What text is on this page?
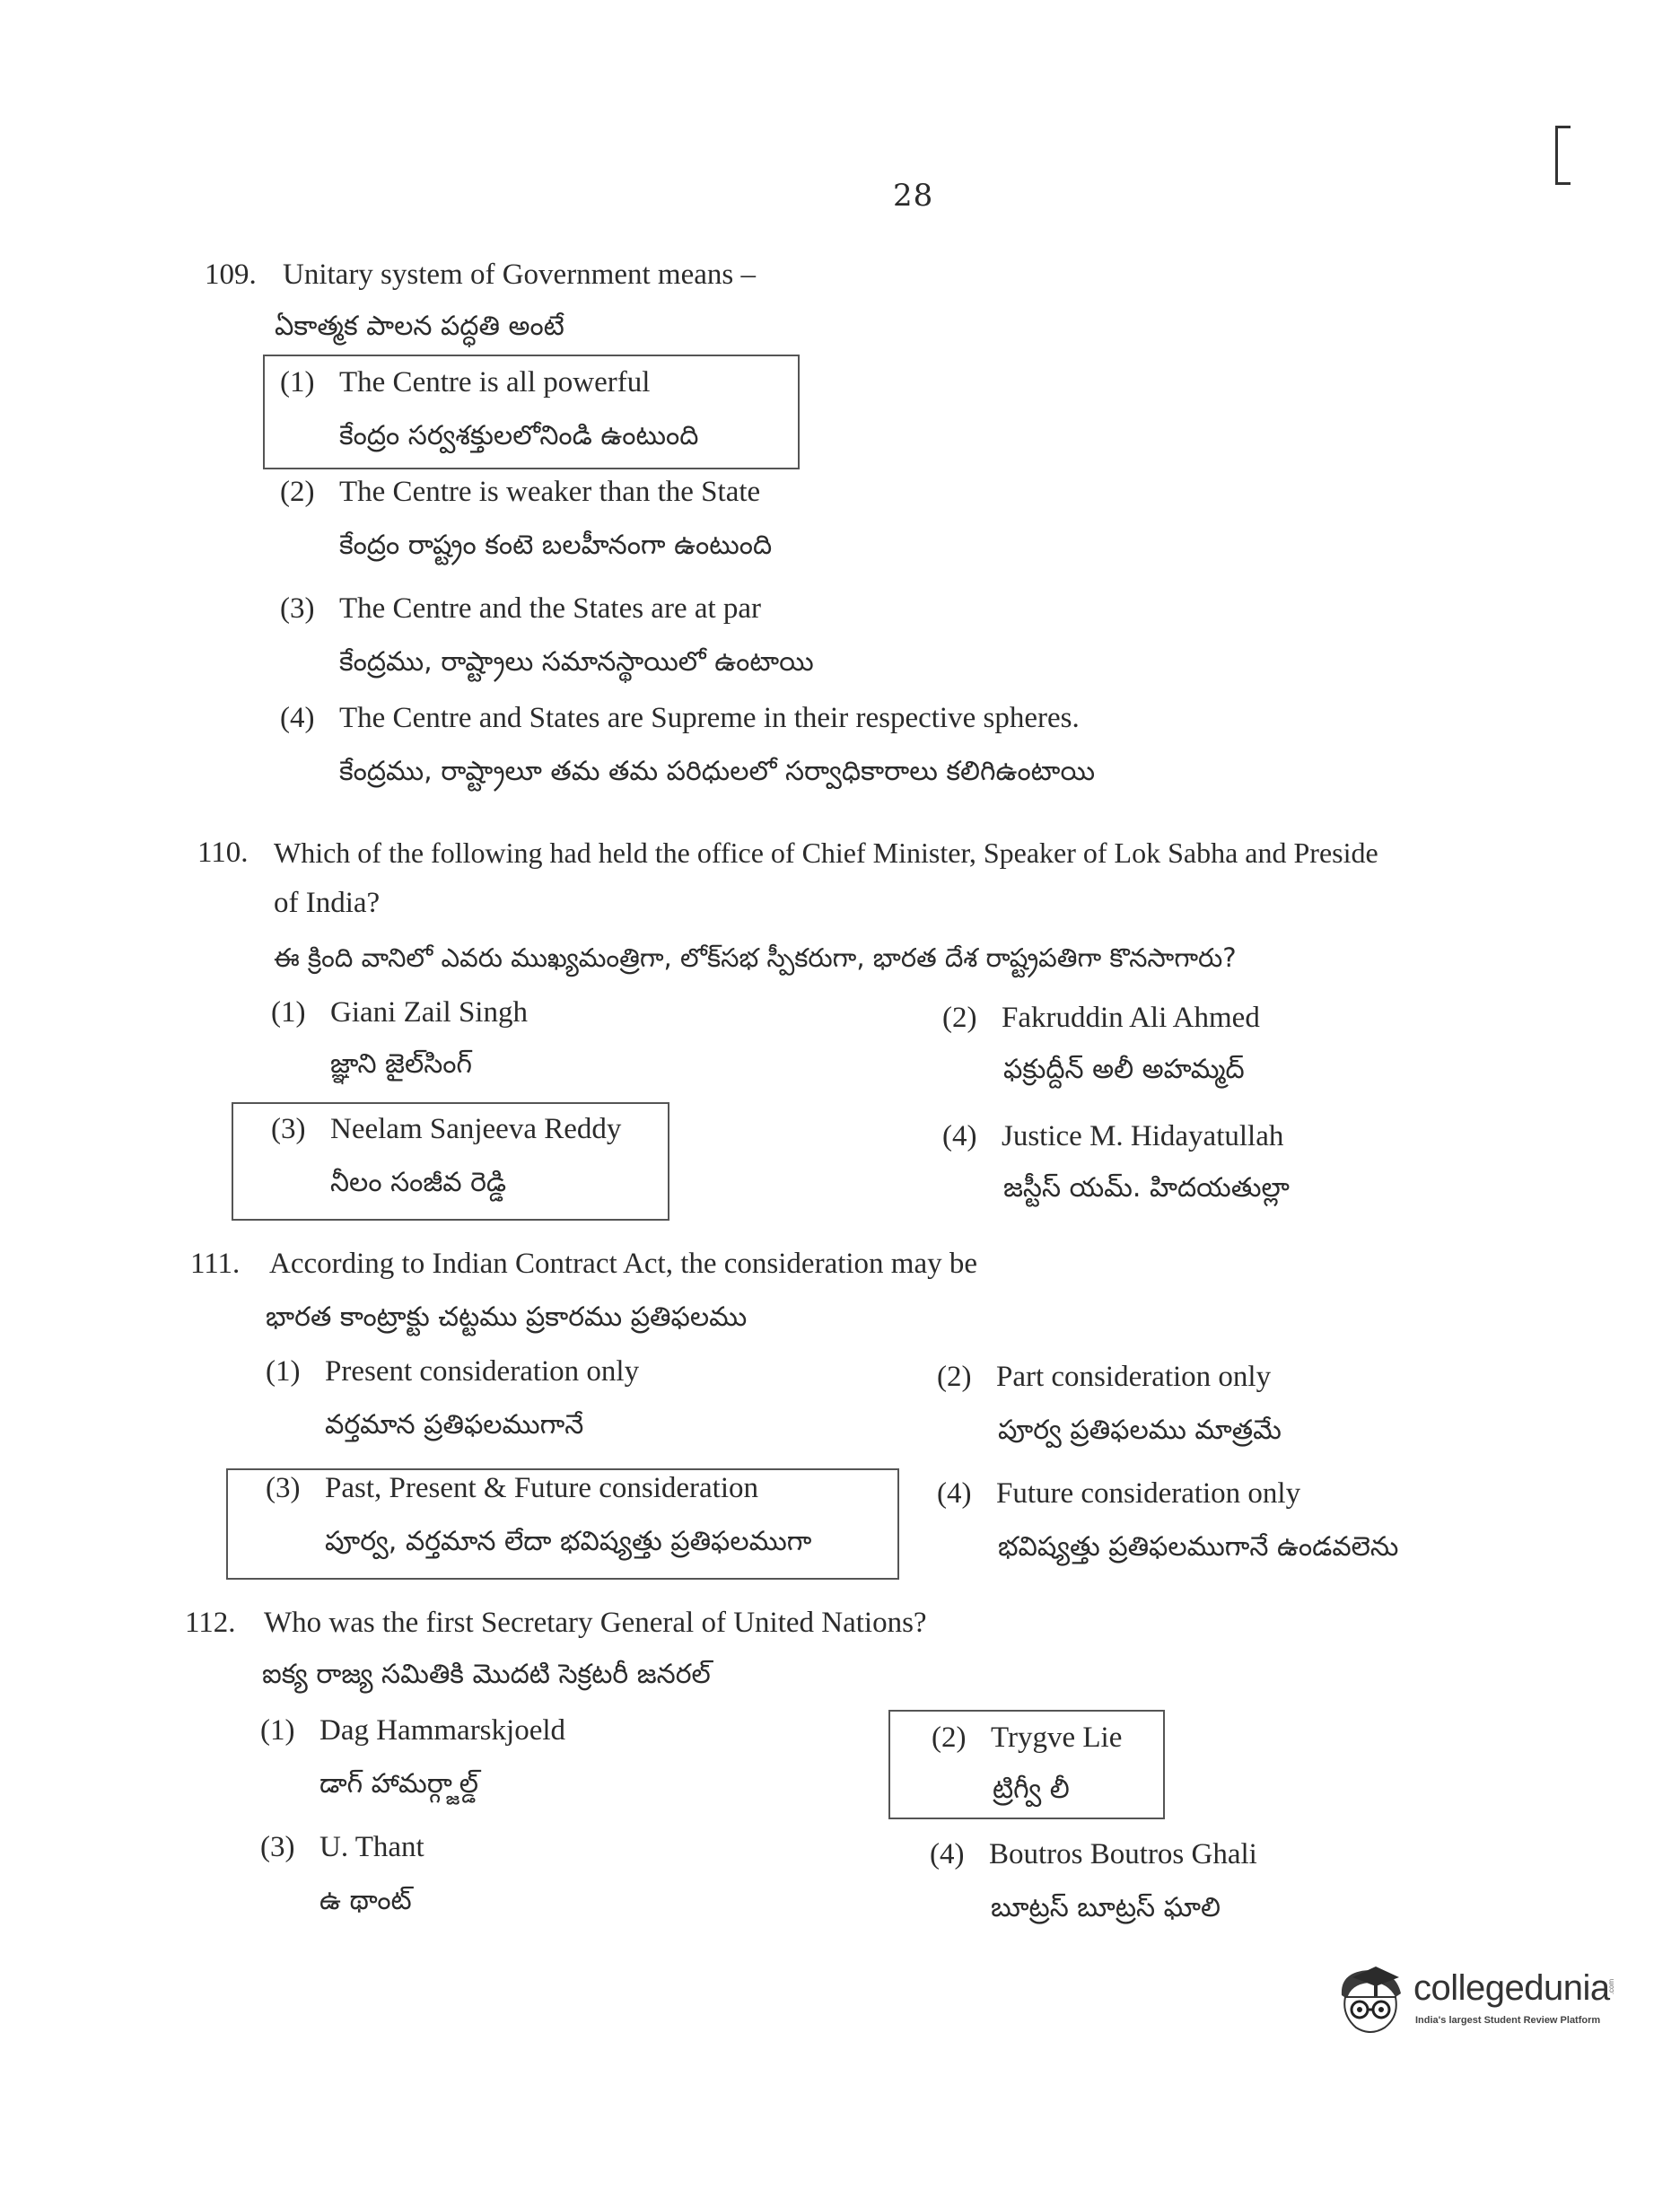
28
109. Unitary system of Government means –
ఏకాత్మక పాలన పద్ధతి అంటే
(1) The Centre is all powerful
కేంద్రం సర్వశక్తులలోనిండి ఉంటుంది
(2) The Centre is weaker than the State
కేంద్రం రాష్ట్రం కంటె బలహీనంగా ఉంటుంది
(3) The Centre and the States are at par
కేంద్రము, రాష్ట్రాలు సమానస్థాయిలో ఉంటాయి
(4) The Centre and States are Supreme in their respective spheres.
కేంద్రము, రాష్ట్రాలూ తమ తమ పరిధులలో సర్వాధికారాలు కలిగిఉంటాయి
110. Which of the following had held the office of Chief Minister, Speaker of Lok Sabha and Preside
of India?
ఈ క్రింది వానిలో ఎవరు ముఖ్యమంత్రిగా, లోక్‌సభ స్పీకరుగా, భారత దేశ రాష్ట్రపతిగా కొనసాగారు?
(1) Giani Zail Singh
జ్ఞాని జైల్‌సింగ్
(2) Fakruddin Ali Ahmed
ఫక్రుద్దీన్ అలీ అహమ్మద్
(3) Neelam Sanjeeva Reddy
నీలం సంజీవ రెడ్డి
(4) Justice M. Hidayatullah
జస్టీస్ యమ్. హిదయతుల్లా
111. According to Indian Contract Act, the consideration may be
భారత కాంట్రాక్టు చట్టము ప్రకారము ప్రతిఫలము
(1) Present consideration only
వర్తమాన ప్రతిఫలముగానే
(2) Part consideration only
పూర్వ ప్రతిఫలము మాత్రమే
(3) Past, Present & Future consideration
పూర్వ, వర్తమాన లేదా భవిష్యత్తు ప్రతిఫలముగా
(4) Future consideration only
భవిష్యత్తు ప్రతిఫలముగానే ఉండవలెను
112. Who was the first Secretary General of United Nations?
ఐక్య రాజ్య సమితికి మొదటి సెక్రటరీ జనరల్
(1) Dag Hammarskjoeld
డాగ్ హామర్గ్జాల్డ్
(2) Trygve Lie
ట్రిగ్వీ లీ
(3) U. Thant
ఉ థాంట్
(4) Boutros Boutros Ghali
బూట్రస్ బూట్రస్ ఘాలి
collegedunia
India's largest Student Review Platform
.com
